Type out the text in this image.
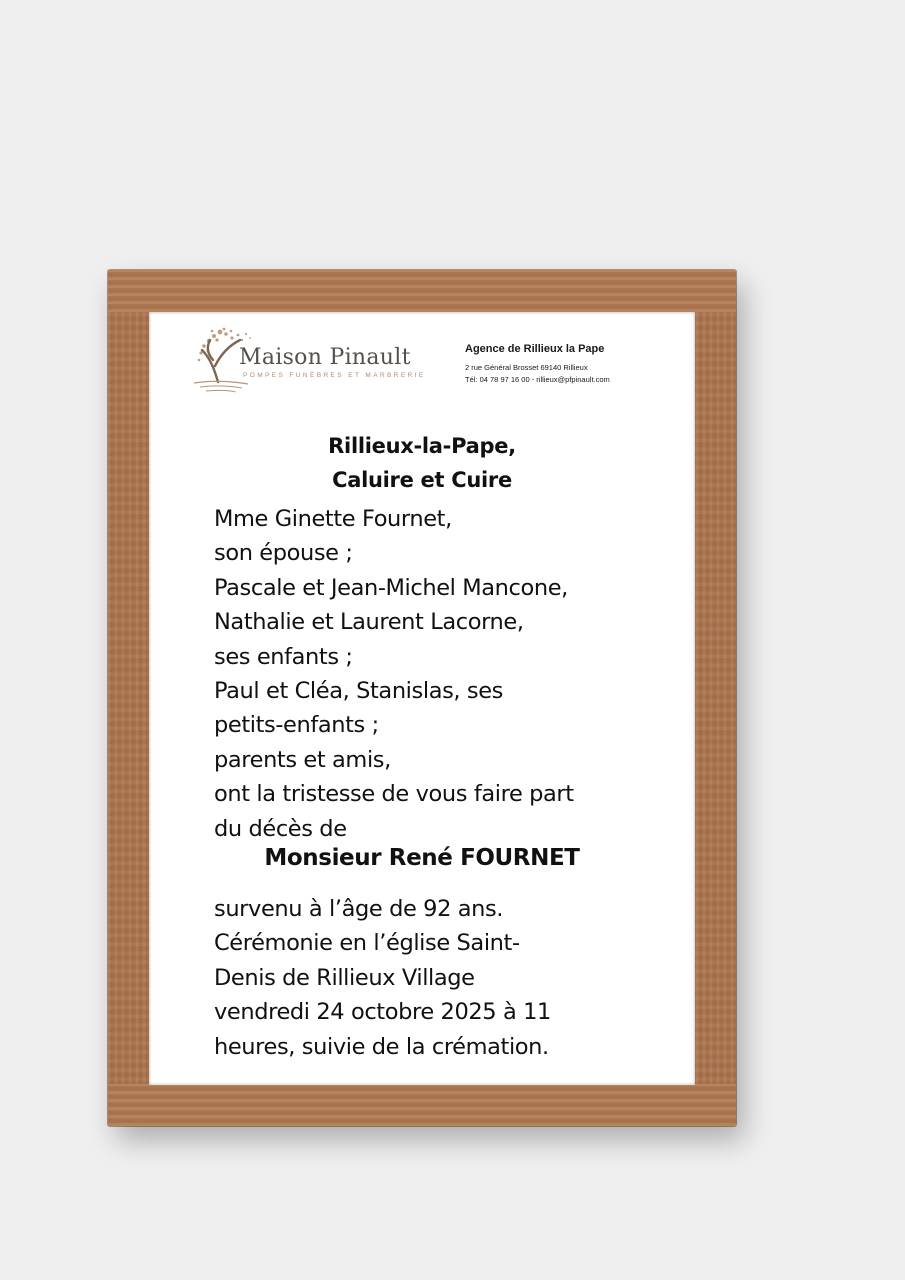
Maison Pinault
POMPES FUNÈBRES ET MARBRERIE
Agence de Rillieux la Pape
2 rue Général Brosset 69140 Rillieux
Tél: 04 78 97 16 00 - rillieux@pfpinault.com
Rillieux-la-Pape,
Caluire et Cuire
Mme Ginette Fournet,
son épouse ;
Pascale et Jean-Michel Mancone,
Nathalie et Laurent Lacorne,
ses enfants ;
Paul et Cléa, Stanislas, ses
petits-enfants ;
parents et amis,
ont la tristesse de vous faire part
du décès de
Monsieur René FOURNET
survenu à l’âge de 92 ans.
Cérémonie en l’église Saint-
Denis de Rillieux Village
vendredi 24 octobre 2025 à 11
heures, suivie de la crémation.
